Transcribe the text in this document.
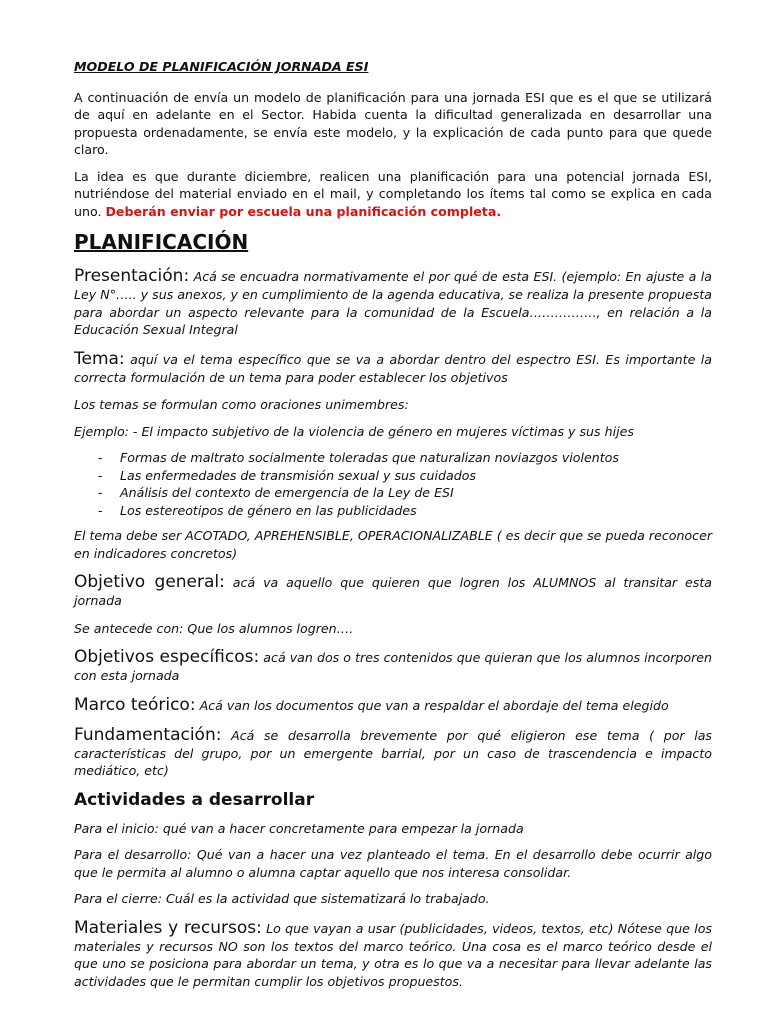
MODELO DE PLANIFICACIÓN JORNADA ESI

A continuación de envía un modelo de planificación para una jornada ESI que es el que se utilizará de aquí en adelante en el Sector. Habida cuenta la dificultad generalizada en desarrollar una propuesta ordenadamente, se envía este modelo, y la explicación de cada punto para que quede claro.

La idea es que durante diciembre, realicen una planificación para una potencial jornada ESI, nutriéndose del material enviado en el mail, y completando los ítems tal como se explica en cada uno. Deberán enviar por escuela una planificación completa.

PLANIFICACIÓN

Presentación: Acá se encuadra normativamente el por qué de esta ESI. (ejemplo: En ajuste a la Ley N°….. y sus anexos, y en cumplimiento de la agenda educativa, se realiza la presente propuesta para abordar un aspecto relevante para la comunidad de la Escuela……………., en relación a la Educación Sexual Integral

Tema: aquí va el tema específico que se va a abordar dentro del espectro ESI. Es importante la correcta formulación de un tema para poder establecer los objetivos

Los temas se formulan como oraciones unimembres:

Ejemplo: - El impacto subjetivo de la violencia de género en mujeres víctimas y sus hijes

- Formas de maltrato socialmente toleradas que naturalizan noviazgos violentos
- Las enfermedades de transmisión sexual y sus cuidados
- Análisis del contexto de emergencia de la Ley de ESI
- Los estereotipos de género en las publicidades

El tema debe ser ACOTADO, APREHENSIBLE, OPERACIONALIZABLE ( es decir que se pueda reconocer en indicadores concretos)

Objetivo general: acá va aquello que quieren que logren los ALUMNOS al transitar esta jornada

Se antecede con: Que los alumnos logren….

Objetivos específicos: acá van dos o tres contenidos que quieran que los alumnos incorporen con esta jornada

Marco teórico: Acá van los documentos que van a respaldar el abordaje del tema elegido

Fundamentación: Acá se desarrolla brevemente por qué eligieron ese tema ( por las características del grupo, por un emergente barrial, por un caso de trascendencia e impacto mediático, etc)

Actividades a desarrollar

Para el inicio: qué van a hacer concretamente para empezar la jornada

Para el desarrollo: Qué van a hacer una vez planteado el tema. En el desarrollo debe ocurrir algo que le permita al alumno o alumna captar aquello que nos interesa consolidar.

Para el cierre: Cuál es la actividad que sistematizará lo trabajado.

Materiales y recursos: Lo que vayan a usar (publicidades, videos, textos, etc) Nótese que los materiales y recursos NO son los textos del marco teórico. Una cosa es el marco teórico desde el que uno se posiciona para abordar un tema, y otra es lo que va a necesitar para llevar adelante las actividades que le permitan cumplir los objetivos propuestos.
